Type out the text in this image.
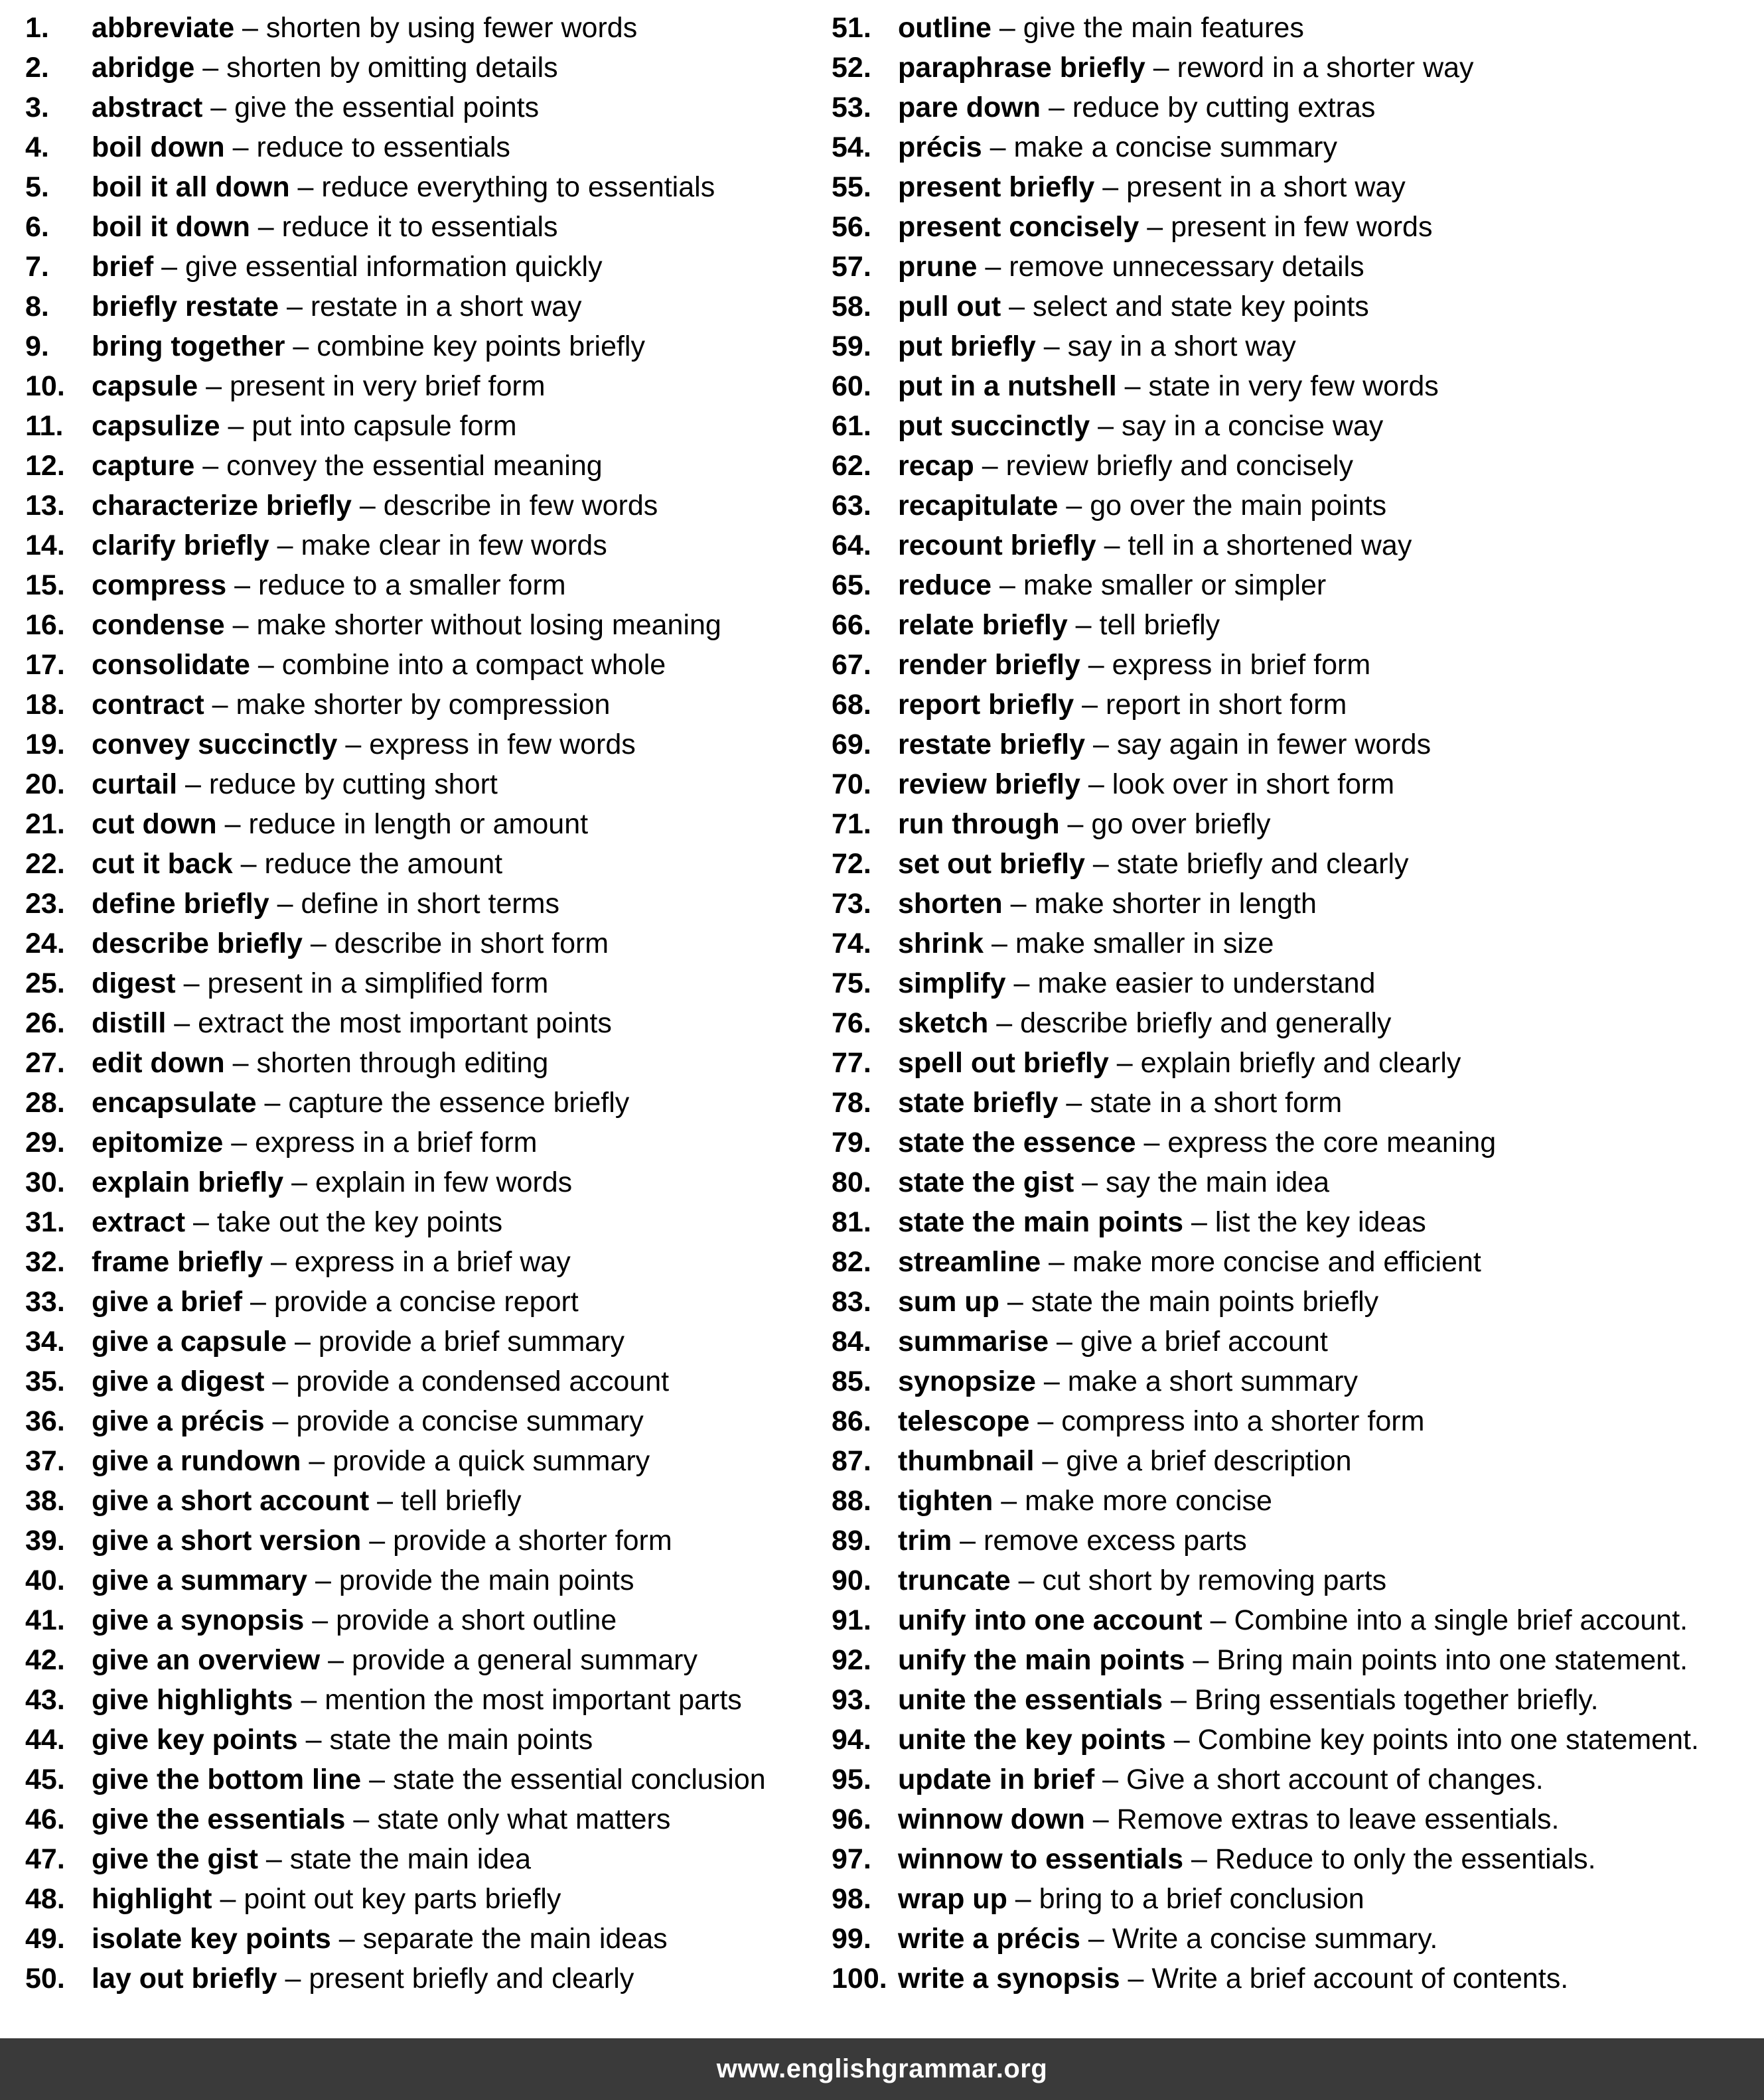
1.	abbreviate – shorten by using fewer words
2.	abridge – shorten by omitting details
3.	abstract – give the essential points
4.	boil down – reduce to essentials
5.	boil it all down – reduce everything to essentials
6.	boil it down – reduce it to essentials
7.	brief – give essential information quickly
8.	briefly restate – restate in a short way
9.	bring together – combine key points briefly
10. capsule – present in very brief form
11. capsulize – put into capsule form
12. capture – convey the essential meaning
13. characterize briefly – describe in few words
14. clarify briefly – make clear in few words
15. compress – reduce to a smaller form
16. condense – make shorter without losing meaning
17. consolidate – combine into a compact whole
18. contract – make shorter by compression
19. convey succinctly – express in few words
20. curtail – reduce by cutting short
21. cut down – reduce in length or amount
22. cut it back – reduce the amount
23. define briefly – define in short terms
24. describe briefly – describe in short form
25. digest – present in a simplified form
26. distill – extract the most important points
27. edit down – shorten through editing
28. encapsulate – capture the essence briefly
29. epitomize – express in a brief form
30. explain briefly – explain in few words
31. extract – take out the key points
32. frame briefly – express in a brief way
33. give a brief – provide a concise report
34. give a capsule – provide a brief summary
35. give a digest – provide a condensed account
36. give a précis – provide a concise summary
37. give a rundown – provide a quick summary
38. give a short account – tell briefly
39. give a short version – provide a shorter form
40. give a summary – provide the main points
41. give a synopsis – provide a short outline
42. give an overview – provide a general summary
43. give highlights – mention the most important parts
44. give key points – state the main points
45. give the bottom line – state the essential conclusion
46. give the essentials – state only what matters
47. give the gist – state the main idea
48. highlight – point out key parts briefly
49. isolate key points – separate the main ideas
50. lay out briefly – present briefly and clearly
51. outline – give the main features
52. paraphrase briefly – reword in a shorter way
53. pare down – reduce by cutting extras
54. précis – make a concise summary
55. present briefly – present in a short way
56. present concisely – present in few words
57. prune – remove unnecessary details
58. pull out – select and state key points
59. put briefly – say in a short way
60. put in a nutshell – state in very few words
61. put succinctly – say in a concise way
62. recap – review briefly and concisely
63. recapitulate – go over the main points
64. recount briefly – tell in a shortened way
65. reduce – make smaller or simpler
66. relate briefly – tell briefly
67. render briefly – express in brief form
68. report briefly – report in short form
69. restate briefly – say again in fewer words
70. review briefly – look over in short form
71. run through – go over briefly
72. set out briefly – state briefly and clearly
73. shorten – make shorter in length
74. shrink – make smaller in size
75. simplify – make easier to understand
76. sketch – describe briefly and generally
77. spell out briefly – explain briefly and clearly
78. state briefly – state in a short form
79. state the essence – express the core meaning
80. state the gist – say the main idea
81. state the main points – list the key ideas
82. streamline – make more concise and efficient
83. sum up – state the main points briefly
84. summarise – give a brief account
85. synopsize – make a short summary
86. telescope – compress into a shorter form
87. thumbnail – give a brief description
88. tighten – make more concise
89. trim – remove excess parts
90. truncate – cut short by removing parts
91. unify into one account – Combine into a single brief account.
92. unify the main points – Bring main points into one statement.
93. unite the essentials – Bring essentials together briefly.
94. unite the key points – Combine key points into one statement.
95. update in brief – Give a short account of changes.
96. winnow down – Remove extras to leave essentials.
97. winnow to essentials – Reduce to only the essentials.
98. wrap up – bring to a brief conclusion
99. write a précis – Write a concise summary.
100. write a synopsis – Write a brief account of contents.
www.englishgrammar.org
